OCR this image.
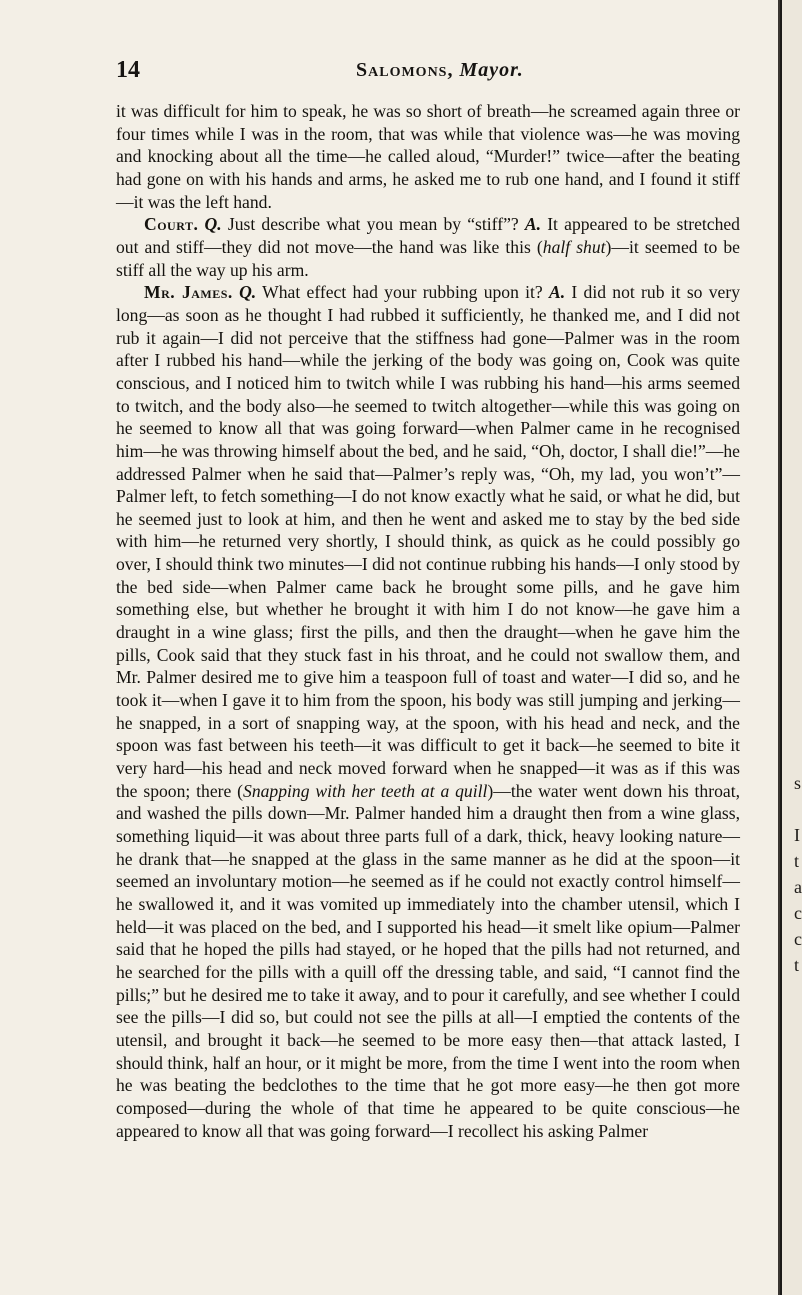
14	Salomons, Mayor.

it was difficult for him to speak, he was so short of breath—he screamed again three or four times while I was in the room, that was while that violence was—he was moving and knocking about all the time—he called aloud, “Murder!” twice—after the beating had gone on with his hands and arms, he asked me to rub one hand, and I found it stiff—it was the left hand.

Court. Q. Just describe what you mean by “stiff”? A. It appeared to be stretched out and stiff—they did not move—the hand was like this (half shut)—it seemed to be stiff all the way up his arm.

Mr. James. Q. What effect had your rubbing upon it? A. I did not rub it so very long—as soon as he thought I had rubbed it sufficiently, he thanked me, and I did not rub it again—I did not perceive that the stiffness had gone—Palmer was in the room after I rubbed his hand—while the jerking of the body was going on, Cook was quite conscious, and I noticed him to twitch while I was rubbing his hand—his arms seemed to twitch, and the body also—he seemed to twitch altogether—while this was going on he seemed to know all that was going forward—when Palmer came in he recognised him—he was throwing himself about the bed, and he said, “Oh, doctor, I shall die!”—he addressed Palmer when he said that—Palmer’s reply was, “Oh, my lad, you won’t”—Palmer left, to fetch something—I do not know exactly what he said, or what he did, but he seemed just to look at him, and then he went and asked me to stay by the bed side with him—he returned very shortly, I should think, as quick as he could possibly go over, I should think two minutes—I did not continue rubbing his hands—I only stood by the bed side—when Palmer came back he brought some pills, and he gave him something else, but whether he brought it with him I do not know—he gave him a draught in a wine glass; first the pills, and then the draught—when he gave him the pills, Cook said that they stuck fast in his throat, and he could not swallow them, and Mr. Palmer desired me to give him a teaspoon full of toast and water—I did so, and he took it—when I gave it to him from the spoon, his body was still jumping and jerking—he snapped, in a sort of snapping way, at the spoon, with his head and neck, and the spoon was fast between his teeth—it was difficult to get it back—he seemed to bite it very hard—his head and neck moved forward when he snapped—it was as if this was the spoon; there (Snapping with her teeth at a quill)—the water went down his throat, and washed the pills down—Mr. Palmer handed him a draught then from a wine glass, something liquid—it was about three parts full of a dark, thick, heavy looking nature—he drank that—he snapped at the glass in the same manner as he did at the spoon—it seemed an involuntary motion—he seemed as if he could not exactly control himself—he swallowed it, and it was vomited up immediately into the chamber utensil, which I held—it was placed on the bed, and I supported his head—it smelt like opium—Palmer said that he hoped the pills had stayed, or he hoped that the pills had not returned, and he searched for the pills with a quill off the dressing table, and said, “I cannot find the pills;” but he desired me to take it away, and to pour it carefully, and see whether I could see the pills—I did so, but could not see the pills at all—I emptied the contents of the utensil, and brought it back—he seemed to be more easy then—that attack lasted, I should think, half an hour, or it might be more, from the time I went into the room when he was beating the bedclothes to the time that he got more easy—he then got more composed—during the whole of that time he appeared to be quite conscious—he appeared to know all that was going forward—I recollect his asking Palmer

s

I
t
a
c
c
t
